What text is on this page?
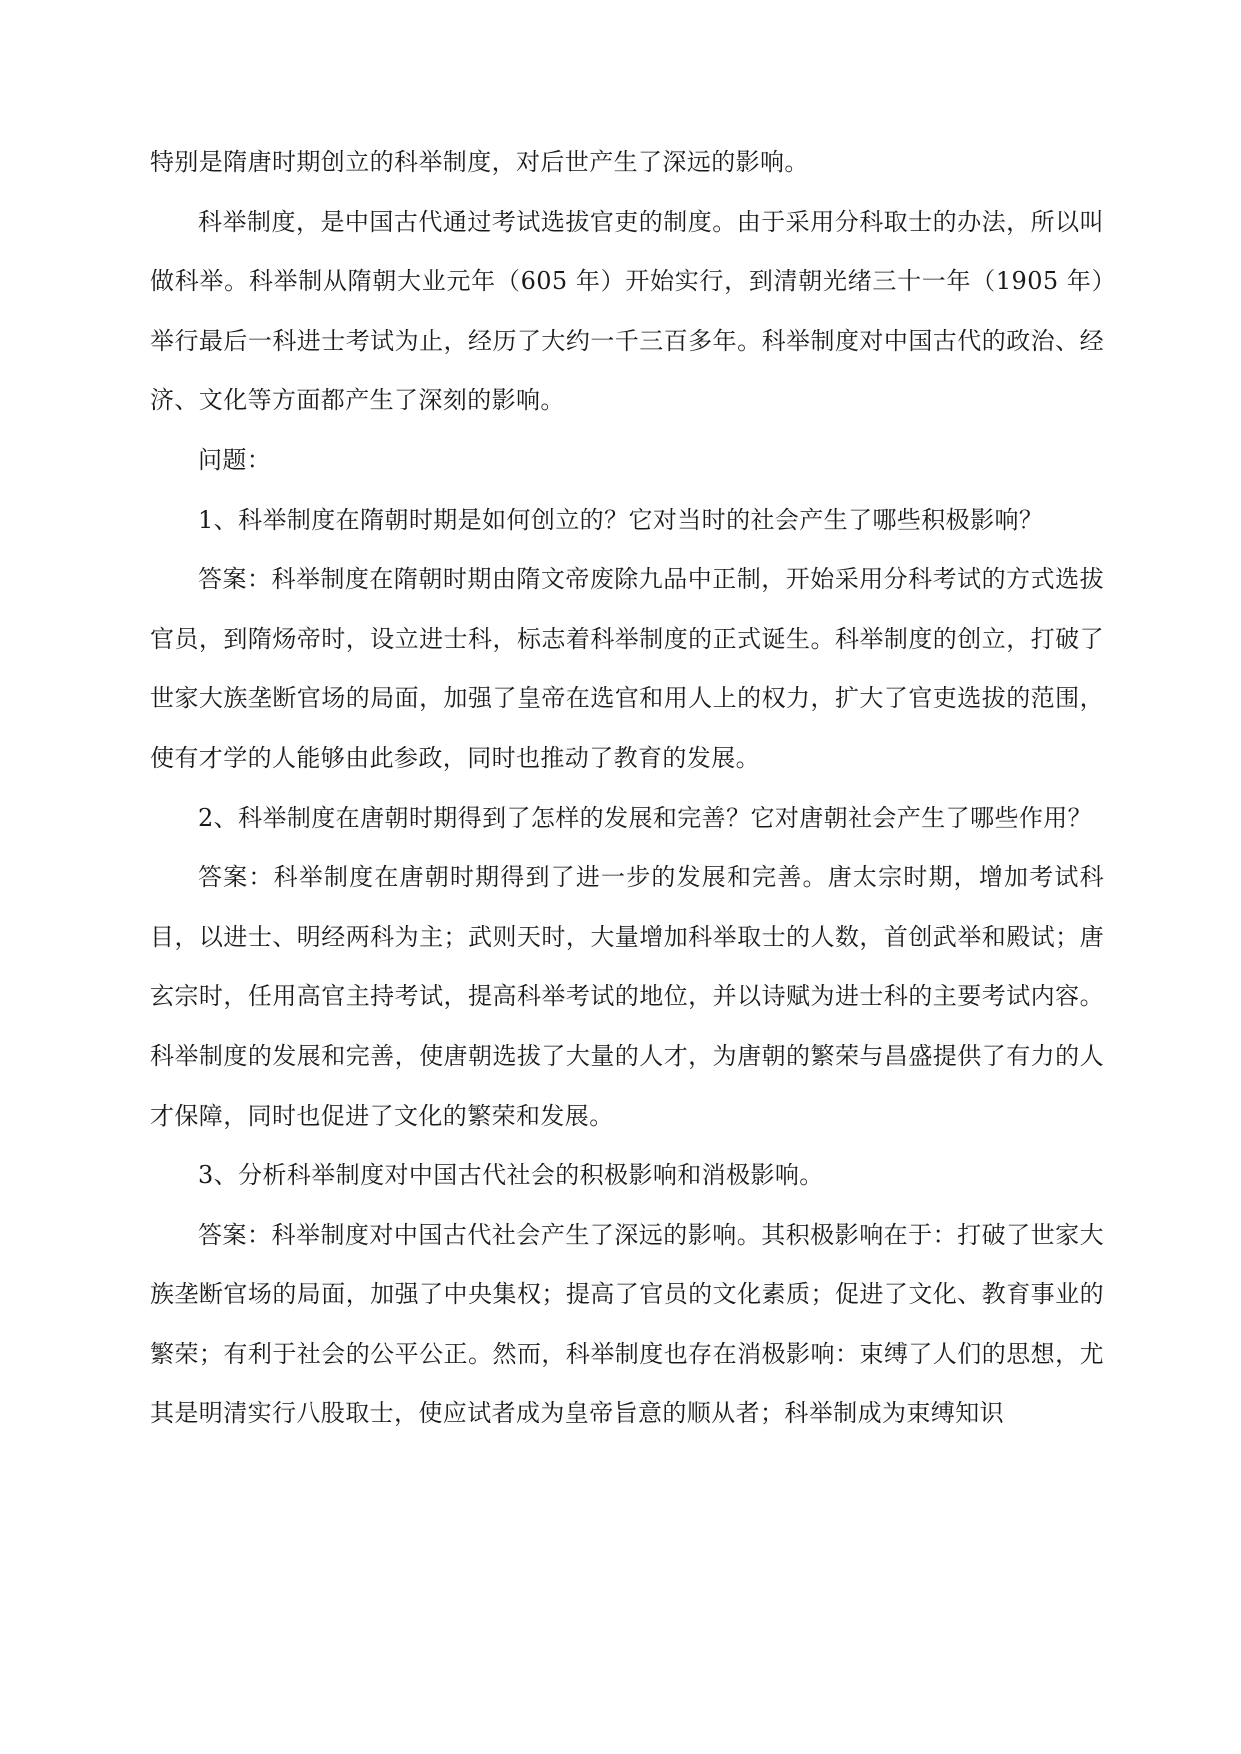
特别是隋唐时期创立的科举制度，对后世产生了深远的影响。

科举制度，是中国古代通过考试选拔官吏的制度。由于采用分科取士的办法，所以叫做科举。科举制从隋朝大业元年（605 年）开始实行，到清朝光绪三十一年（1905 年）举行最后一科进士考试为止，经历了大约一千三百多年。科举制度对中国古代的政治、经济、文化等方面都产生了深刻的影响。

问题：

1、科举制度在隋朝时期是如何创立的？它对当时的社会产生了哪些积极影响？

答案：科举制度在隋朝时期由隋文帝废除九品中正制，开始采用分科考试的方式选拔官员，到隋炀帝时，设立进士科，标志着科举制度的正式诞生。科举制度的创立，打破了世家大族垄断官场的局面，加强了皇帝在选官和用人上的权力，扩大了官吏选拔的范围，使有才学的人能够由此参政，同时也推动了教育的发展。

2、科举制度在唐朝时期得到了怎样的发展和完善？它对唐朝社会产生了哪些作用？

答案：科举制度在唐朝时期得到了进一步的发展和完善。唐太宗时期，增加考试科目，以进士、明经两科为主；武则天时，大量增加科举取士的人数，首创武举和殿试；唐玄宗时，任用高官主持考试，提高科举考试的地位，并以诗赋为进士科的主要考试内容。科举制度的发展和完善，使唐朝选拔了大量的人才，为唐朝的繁荣与昌盛提供了有力的人才保障，同时也促进了文化的繁荣和发展。

3、分析科举制度对中国古代社会的积极影响和消极影响。

答案：科举制度对中国古代社会产生了深远的影响。其积极影响在于：打破了世家大族垄断官场的局面，加强了中央集权；提高了官员的文化素质；促进了文化、教育事业的繁荣；有利于社会的公平公正。然而，科举制度也存在消极影响：束缚了人们的思想，尤其是明清实行八股取士，使应试者成为皇帝旨意的顺从者；科举制成为束缚知识
